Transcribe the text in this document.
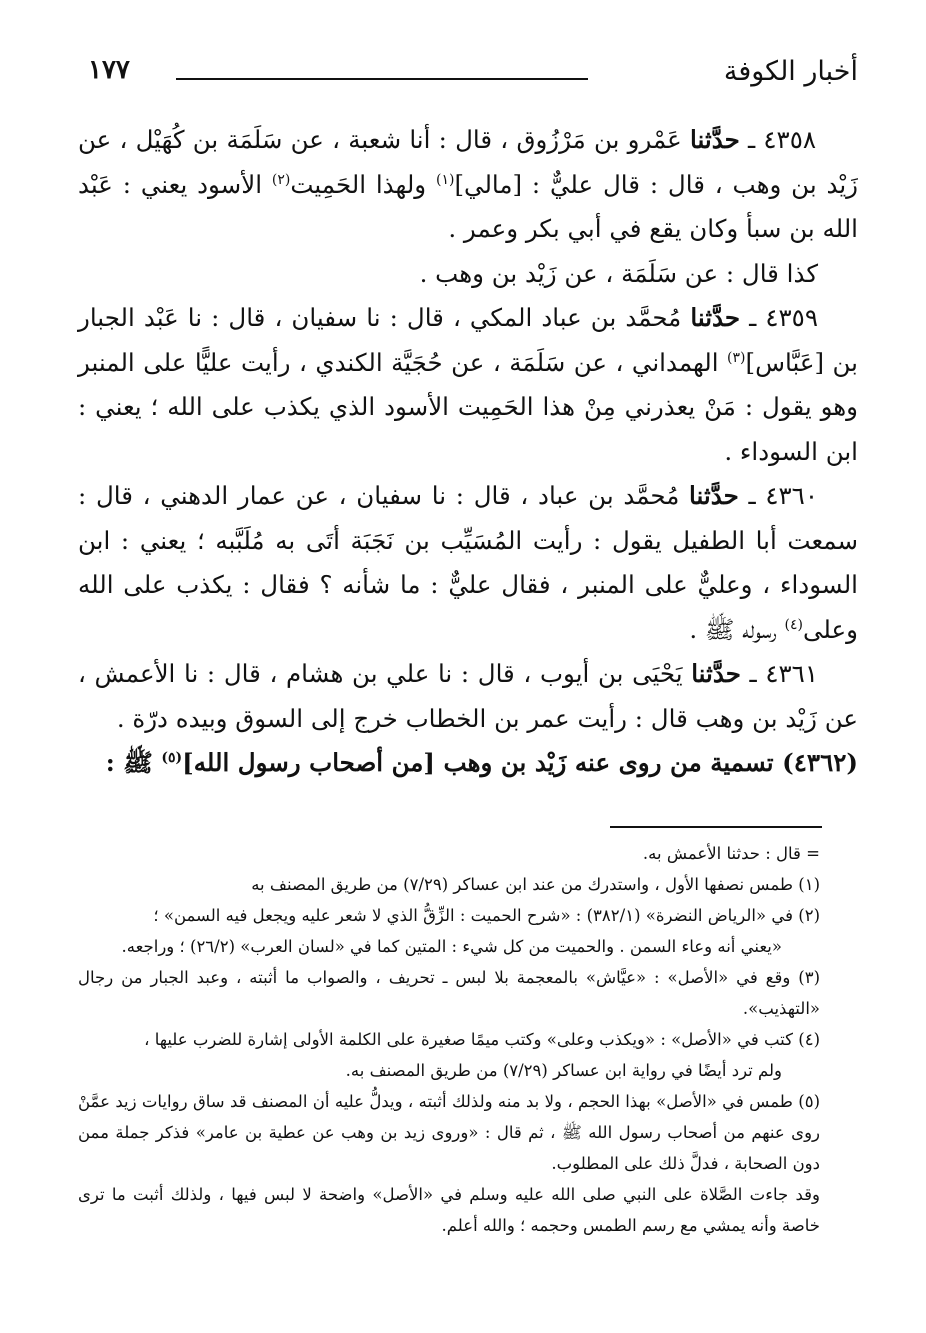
أخبار الكوفة
١٧٧

٤٣٥٨ ـ حدَّثنا عَمْرو بن مَرْزُوق ، قال : أنا شعبة ، عن سَلَمَة بن كُهَيْل ، عن زَيْد بن وهب ، قال : قال عليٌّ : [مالي]$^{(١)}$ ولهذا الحَمِيت$^{(٢)}$ الأسود يعني : عَبْد الله بن سبأ وكان يقع في أبي بكر وعمر .

كذا قال : عن سَلَمَة ، عن زَيْد بن وهب .

٤٣٥٩ ـ حدَّثنا مُحمَّد بن عباد المكي ، قال : نا سفيان ، قال : نا عَبْد الجبار بن [عَبَّاس]$^{(٣)}$ الهمداني ، عن سَلَمَة ، عن حُجَيَّة الكندي ، رأيت عليًّا على المنبر وهو يقول : مَنْ يعذرني مِنْ هذا الحَمِيت الأسود الذي يكذب على الله ؛ يعني : ابن السوداء .

٤٣٦٠ ـ حدَّثنا مُحمَّد بن عباد ، قال : نا سفيان ، عن عمار الدهني ، قال : سمعت أبا الطفيل يقول : رأيت المُسَيِّب بن نَجَبَة أتَى به مُلَبَّبه ؛ يعني : ابن السوداء ، وعليٌّ على المنبر ، فقال عليٌّ : ما شأنه ؟ فقال : يكذب على الله وعلى$^{(٤)}$ رسوله ﷺ .

٤٣٦١ ـ حدَّثنا يَحْيَى بن أيوب ، قال : نا علي بن هشام ، قال : نا الأعمش ، عن زَيْد بن وهب قال : رأيت عمر بن الخطاب خرج إلى السوق وبيده درّة .

(٤٣٦٢) تسمية من روى عنه زَيْد بن وهب [من أصحاب رسول الله]$^{(٥)}$ ﷺ :

= قال : حدثنا الأعمش به.

(١) طمس نصفها الأول ، واستدرك من عند ابن عساكر (٧/٢٩) من طريق المصنف به

(٢) في «الرياض النضرة» (٣٨٢/١) : «شرح الحميت : الزِّقُّ الذي لا شعر عليه ويجعل فيه السمن» ؛

«يعني أنه وعاء السمن . والحميت من كل شيء : المتين كما في «لسان العرب» (٢٦/٢) ؛ وراجعه.

(٣) وقع في «الأصل» : «عيَّاش» بالمعجمة بلا لبس ـ تحريف ، والصواب ما أثبته ، وعبد الجبار من رجال «التهذيب».

(٤) كتب في «الأصل» : «ويكذب وعلى» وكتب ميمًا صغيرة على الكلمة الأولى إشارة للضرب عليها ،

ولم ترد أيضًا في رواية ابن عساكر (٧/٢٩) من طريق المصنف به.

(٥) طمس في «الأصل» بهذا الحجم ، ولا بد منه ولذلك أثبته ، ويدلُّ عليه أن المصنف قد ساق روايات زيد عمَّنْ روى عنهم من أصحاب رسول الله ﷺ ، ثم قال : «وروى زيد بن وهب عن عطية بن عامر» فذكر جملة ممن دون الصحابة ، فدلَّ ذلك على المطلوب.

وقد جاءت الصَّلاة على النبي صلى الله عليه وسلم في «الأصل» واضحة لا لبس فيها ، ولذلك أثبت ما ترى خاصة وأنه يمشي مع رسم الطمس وحجمه ؛ والله أعلم.
